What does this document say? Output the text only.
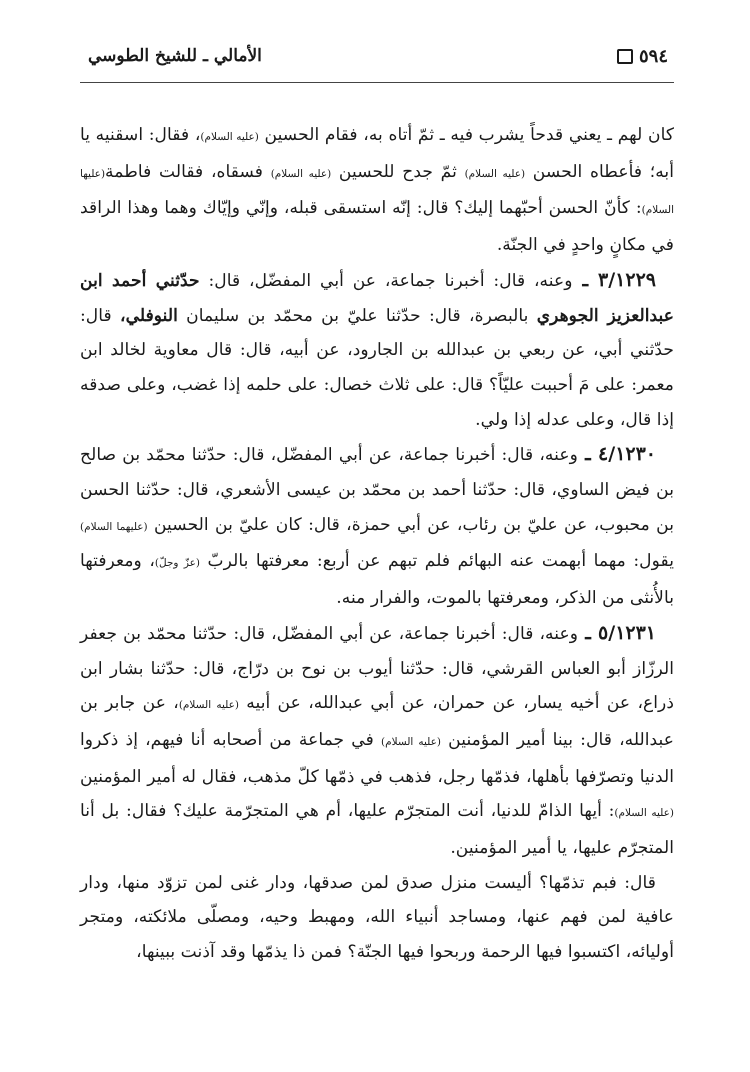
٥٩٤
الأمالي ـ للشيخ الطوسي

كان لهم ـ يعني قدحاً يشرب فيه ـ ثمّ أتاه به، فقام الحسين (عليه السلام)، فقال: اسقنيه يا أبه؛ فأعطاه الحسن (عليه السلام) ثمّ جدح للحسين (عليه السلام) فسقاه، فقالت فاطمة(عليها السلام): كأنّ الحسن أحبّهما إليك؟ قال: إنّه استسقى قبله، وإنّي وإيّاك وهما وهذا الراقد في مكانٍ واحدٍ في الجنّة.

٣/١٢٢٩ ـ وعنه، قال: أخبرنا جماعة، عن أبي المفضّل، قال: حدّثني أحمد ابن عبدالعزيز الجوهري بالبصرة، قال: حدّثنا عليّ بن محمّد بن سليمان النوفلي، قال: حدّثني أبي، عن ربعي بن عبدالله بن الجارود، عن أبيه، قال: قال معاوية لخالد ابن معمر: على مَ أحببت عليّاً؟ قال: على ثلاث خصال: على حلمه إذا غضب، وعلى صدقه إذا قال، وعلى عدله إذا ولي.

٤/١٢٣٠ ـ وعنه، قال: أخبرنا جماعة، عن أبي المفضّل، قال: حدّثنا محمّد بن صالح بن فيض الساوي، قال: حدّثنا أحمد بن محمّد بن عيسى الأشعري، قال: حدّثنا الحسن بن محبوب، عن عليّ بن رئاب، عن أبي حمزة، قال: كان عليّ بن الحسين (عليهما السلام) يقول: مهما أبهمت عنه البهائم فلم تبهم عن أربع: معرفتها بالربّ (عزّ وجلّ)، ومعرفتها بالأُنثى من الذكر، ومعرفتها بالموت، والفرار منه.

٥/١٢٣١ ـ وعنه، قال: أخبرنا جماعة، عن أبي المفضّل، قال: حدّثنا محمّد بن جعفر الرزّاز أبو العباس القرشي، قال: حدّثنا أيوب بن نوح بن درّاج، قال: حدّثنا بشار ابن ذراع، عن أخيه يسار، عن حمران، عن أبي عبدالله، عن أبيه (عليه السلام)، عن جابر بن عبدالله، قال: بينا أمير المؤمنين (عليه السلام) في جماعة من أصحابه أنا فيهم، إذ ذكروا الدنيا وتصرّفها بأهلها، فذمّها رجل، فذهب في ذمّها كلّ مذهب، فقال له أمير المؤمنين (عليه السلام): أيها الذامّ للدنيا، أنت المتجرّم عليها، أم هي المتجرّمة عليك؟ فقال: بل أنا المتجرّم عليها، يا أمير المؤمنين.

قال: فبم تذمّها؟ أليست منزل صدق لمن صدقها، ودار غنى لمن تزوّد منها، ودار عافية لمن فهم عنها، ومساجد أنبياء الله، ومهبط وحيه، ومصلّى ملائكته، ومتجر أوليائه، اكتسبوا فيها الرحمة وربحوا فيها الجنّة؟ فمن ذا يذمّها وقد آذنت ببينها،
